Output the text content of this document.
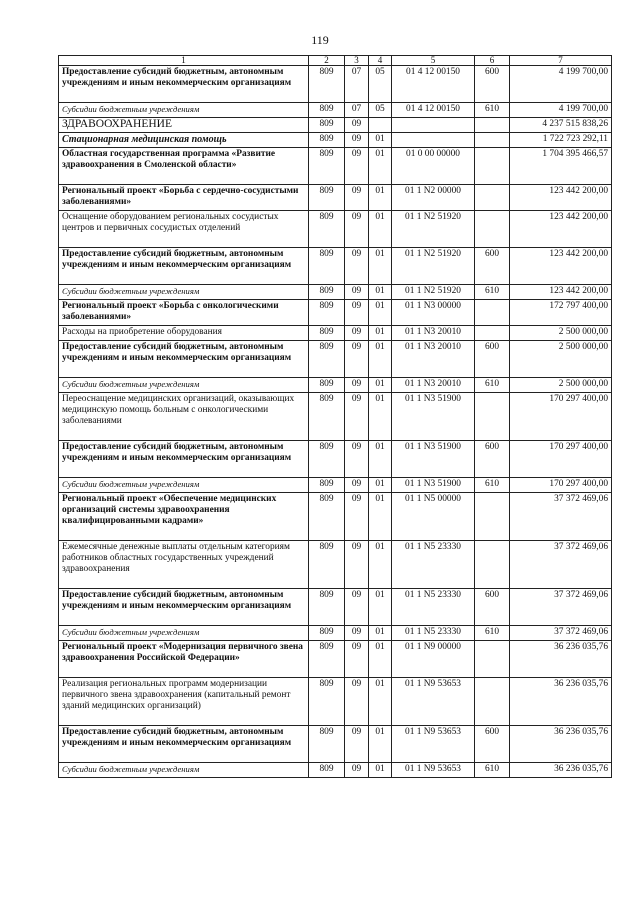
119
1	2	3	4	5	6	7
Предоставление субсидий бюджетным, автономным учреждениям и иным некоммерческим организациям	809	07	05	01 4 12 00150	600	4 199 700,00
Субсидии бюджетным учреждениям	809	07	05	01 4 12 00150	610	4 199 700,00
ЗДРАВООХРАНЕНИЕ	809	09				4 237 515 838,26
Стационарная медицинская помощь	809	09	01			1 722 723 292,11
Областная государственная программа «Развитие здравоохранения в Смоленской области»	809	09	01	01 0 00 00000		1 704 395 466,57
Региональный проект «Борьба с сердечно-сосудистыми заболеваниями»	809	09	01	01 1 N2 00000		123 442 200,00
Оснащение оборудованием региональных сосудистых центров и первичных сосудистых отделений	809	09	01	01 1 N2 51920		123 442 200,00
Предоставление субсидий бюджетным, автономным учреждениям и иным некоммерческим организациям	809	09	01	01 1 N2 51920	600	123 442 200,00
Субсидии бюджетным учреждениям	809	09	01	01 1 N2 51920	610	123 442 200,00
Региональный проект «Борьба с онкологическими заболеваниями»	809	09	01	01 1 N3 00000		172 797 400,00
Расходы на приобретение оборудования	809	09	01	01 1 N3 20010		2 500 000,00
Предоставление субсидий бюджетным, автономным учреждениям и иным некоммерческим организациям	809	09	01	01 1 N3 20010	600	2 500 000,00
Субсидии бюджетным учреждениям	809	09	01	01 1 N3 20010	610	2 500 000,00
Переоснащение медицинских организаций, оказывающих медицинскую помощь больным с онкологическими заболеваниями	809	09	01	01 1 N3 51900		170 297 400,00
Предоставление субсидий бюджетным, автономным учреждениям и иным некоммерческим организациям	809	09	01	01 1 N3 51900	600	170 297 400,00
Субсидии бюджетным учреждениям	809	09	01	01 1 N3 51900	610	170 297 400,00
Региональный проект «Обеспечение медицинских организаций системы здравоохранения квалифицированными кадрами»	809	09	01	01 1 N5 00000		37 372 469,06
Ежемесячные денежные выплаты отдельным категориям работников областных государственных учреждений здравоохранения	809	09	01	01 1 N5 23330		37 372 469,06
Предоставление субсидий бюджетным, автономным учреждениям и иным некоммерческим организациям	809	09	01	01 1 N5 23330	600	37 372 469,06
Субсидии бюджетным учреждениям	809	09	01	01 1 N5 23330	610	37 372 469,06
Региональный проект «Модернизация первичного звена здравоохранения Российской Федерации»	809	09	01	01 1 N9 00000		36 236 035,76
Реализация региональных программ модернизации первичного звена здравоохранения (капитальный ремонт зданий медицинских организаций)	809	09	01	01 1 N9 53653		36 236 035,76
Предоставление субсидий бюджетным, автономным учреждениям и иным некоммерческим организациям	809	09	01	01 1 N9 53653	600	36 236 035,76
Субсидии бюджетным учреждениям	809	09	01	01 1 N9 53653	610	36 236 035,76
